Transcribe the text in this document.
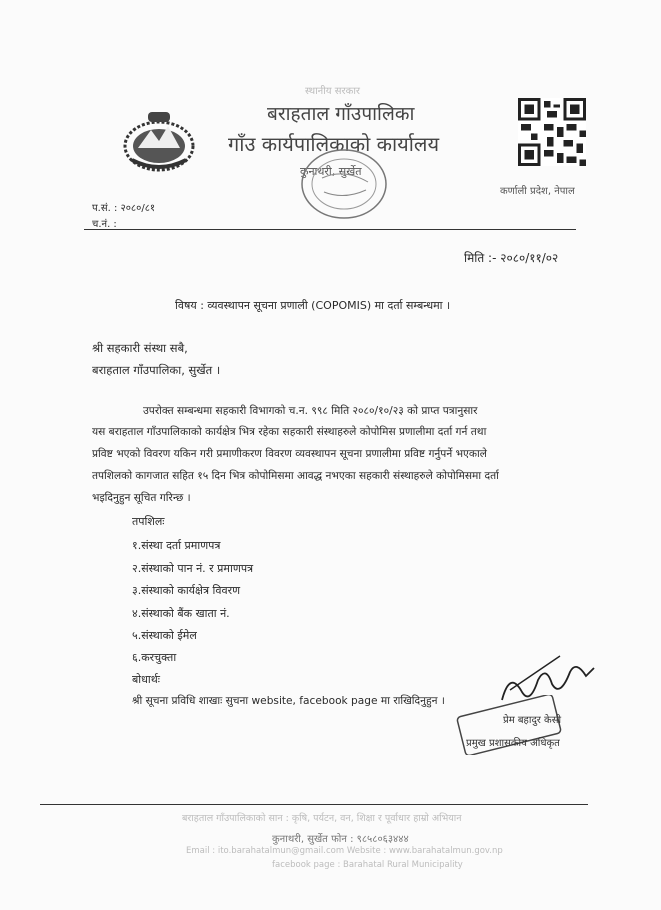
स्थानीय सरकार
बराहताल गाँउपालिका
गाँउ कार्यपालिकाको कार्यालय
कुनाथरी, सुर्खेत
कर्णाली प्रदेश, नेपाल
प.सं. : २०८०/८१
च.नं. :
मिति :- २०८०/११/०२
विषय : व्यवस्थापन सूचना प्रणाली (COPOMIS) मा दर्ता सम्बन्धमा ।
श्री सहकारी संस्था सबै,
बराहताल गाँउपालिका, सुर्खेत ।
उपरोक्त सम्बन्धमा सहकारी विभागको च.न. ९९८ मिति २०८०/१०/२३ को प्राप्त पत्रानुसार
यस बराहताल गाँउपालिकाको कार्यक्षेत्र भित्र रहेका सहकारी संस्थाहरुले कोपोमिस प्रणालीमा दर्ता गर्न तथा
प्रविष्ट भएको विवरण यकिन गरी प्रमाणीकरण विवरण व्यवस्थापन सूचना प्रणालीमा प्रविष्ट गर्नुपर्ने भएकाले
तपशिलको कागजात सहित १५ दिन भित्र कोपोमिसमा आवद्ध नभएका सहकारी संस्थाहरुले कोपोमिसमा दर्ता
भइदिनुहुन सूचित गरिन्छ ।
तपशिलः
१.संस्था दर्ता प्रमाणपत्र
२.संस्थाको पान नं. र प्रमाणपत्र
३.संस्थाको कार्यक्षेत्र विवरण
४.संस्थाको बैंक खाता नं.
५.संस्थाको ईमेल
६.करचुक्ता
बोधार्थः
श्री सूचना प्रविधि शाखाः सुचना website, facebook page मा राखिदिनुहुन ।
प्रेम बहादुर केसी
प्रमुख प्रशासकीय अधिकृत
बराहताल गाँउपालिकाको सान : कृषि, पर्यटन, वन, शिक्षा र पूर्वाधार हाम्रो अभियान
कुनाथरी, सुर्खेत फोन : ९८५८०६३४४४
Email : ito.barahatalmun@gmail.com Website : www.barahatalmun.gov.np
facebook page : Barahatal Rural Municipality
